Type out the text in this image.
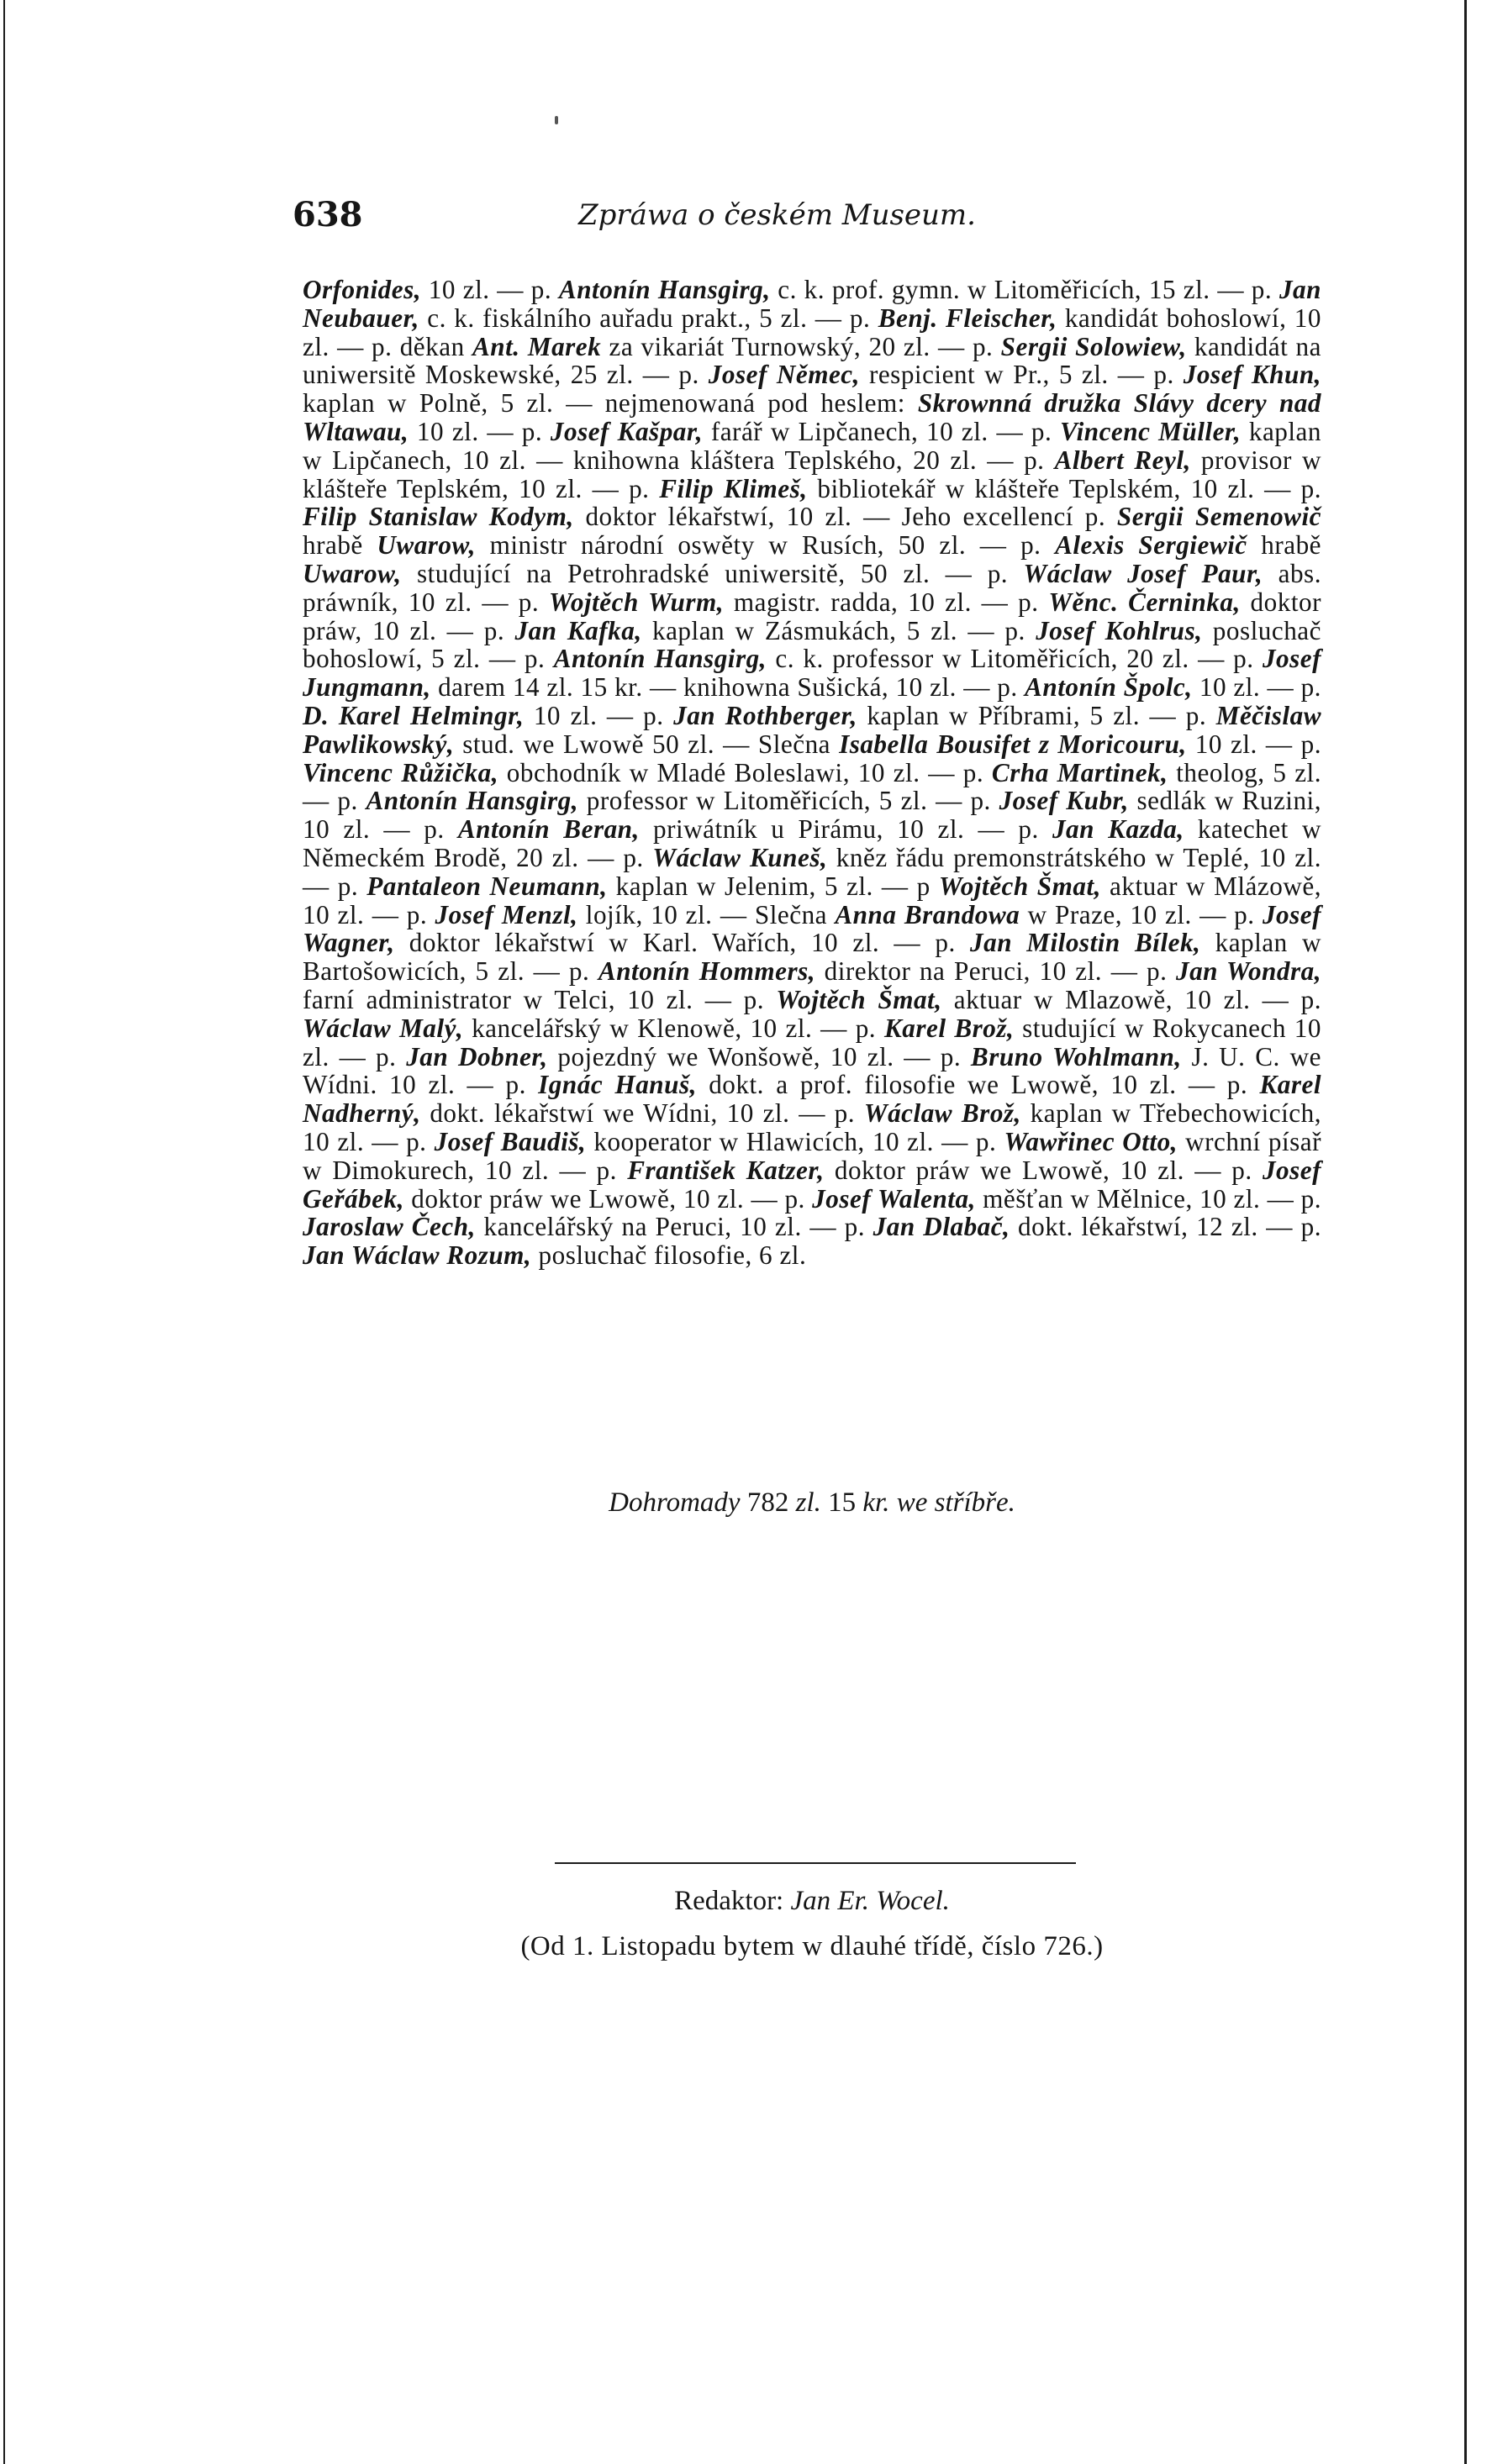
638	Zpráwa o českém Museum.

Orfonides, 10 zl. — p. Antonín Hansgirg, c. k. prof. gymn. w Litoměřicích, 15 zl. — p. Jan Neubauer, c. k. fiskálního auřadu prakt., 5 zl. — p. Benj. Fleischer, kandidát bohoslowí, 10 zl. — p. děkan Ant. Marek za vikariát Turnowský, 20 zl. — p. Sergii Solowiew, kandidát na uniwersitě Moskewské, 25 zl. — p. Josef Němec, respicient w Pr., 5 zl. — p. Josef Khun, kaplan w Polně, 5 zl. — nejmenowaná pod heslem: Skrownná družka Slávy dcery nad Wltawau, 10 zl. — p. Josef Kašpar, farář w Lipčanech, 10 zl. — p. Vincenc Müller, kaplan w Lipčanech, 10 zl. — knihowna kláštera Teplského, 20 zl. — p. Albert Reyl, provisor w klášteře Teplském, 10 zl. — p. Filip Klimeš, bibliotekář w klášteře Teplském, 10 zl. — p. Filip Stanislaw Kodym, doktor lékařstwí, 10 zl. — Jeho excellencí p. Sergii Semenowič hrabě Uwarow, ministr národní oswěty w Rusích, 50 zl. — p. Alexis Sergiewič hrabě Uwarow, studující na Petrohradské uniwersitě, 50 zl. — p. Wáclaw Josef Paur, abs. práwník, 10 zl. — p. Wojtěch Wurm, magistr. radda, 10 zl. — p. Wěnc. Černinka, doktor práw, 10 zl. — p. Jan Kafka, kaplan w Zásmukách, 5 zl. — p. Josef Kohlrus, posluchač bohoslowí, 5 zl. — p. Antonín Hansgirg, c. k. professor w Litoměřicích, 20 zl. — p. Josef Jungmann, darem 14 zl. 15 kr. — knihowna Sušická, 10 zl. — p. Antonín Špolc, 10 zl. — p. D. Karel Helmingr, 10 zl. — p. Jan Rothberger, kaplan w Příbrami, 5 zl. — p. Měčislaw Pawlikowský, stud. we Lwowě 50 zl. — Slečna Isabella Bousifet z Moricouru, 10 zl. — p. Vincenc Růžička, obchodník w Mladé Boleslawi, 10 zl. — p. Crha Martinek, theolog, 5 zl. — p. Antonín Hansgirg, professor w Litoměřicích, 5 zl. — p. Josef Kubr, sedlák w Ruzini, 10 zl. — p. Antonín Beran, priwátník u Pirámu, 10 zl. — p. Jan Kazda, katechet w Německém Brodě, 20 zl. — p. Wáclaw Kuneš, kněz řádu premonstrátského w Teplé, 10 zl. — p. Pantaleon Neumann, kaplan w Jelenim, 5 zl. — p Wojtěch Šmat, aktuar w Mlázowě, 10 zl. — p. Josef Menzl, lojík, 10 zl. — Slečna Anna Brandowa w Praze, 10 zl. — p. Josef Wagner, doktor lékařstwí w Karl. Wařích, 10 zl. — p. Jan Milostin Bílek, kaplan w Bartošowicích, 5 zl. — p. Antonín Hommers, direktor na Peruci, 10 zl. — p. Jan Wondra, farní administrator w Telci, 10 zl. — p. Wojtěch Šmat, aktuar w Mlazowě, 10 zl. — p. Wáclaw Malý, kancelářský w Klenowě, 10 zl. — p. Karel Brož, studující w Rokycanech 10 zl. — p. Jan Dobner, pojezdný we Wonšowě, 10 zl. — p. Bruno Wohlmann, J. U. C. we Wídni. 10 zl. — p. Ignác Hanuš, dokt. a prof. filosofie we Lwowě, 10 zl. — p. Karel Nadherný, dokt. lékařstwí we Wídni, 10 zl. — p. Wáclaw Brož, kaplan w Třebechowicích, 10 zl. — p. Josef Baudiš, kooperator w Hlawicích, 10 zl. — p. Wawřinec Otto, wrchní písař w Dimokurech, 10 zl. — p. František Katzer, doktor práw we Lwowě, 10 zl. — p. Josef Geřábek, doktor práw we Lwowě, 10 zl. — p. Josef Walenta, měšťan w Mělnice, 10 zl. — p. Jaroslaw Čech, kancelářský na Peruci, 10 zl. — p. Jan Dlabač, dokt. lékařstwí, 12 zl. — p. Jan Wáclaw Rozum, posluchač filosofie, 6 zl.

Dohromady 782 zl. 15 kr. we stříbře.
Redaktor: Jan Er. Wocel.
(Od 1. Listopadu bytem w dlauhé třídě, číslo 726.)
